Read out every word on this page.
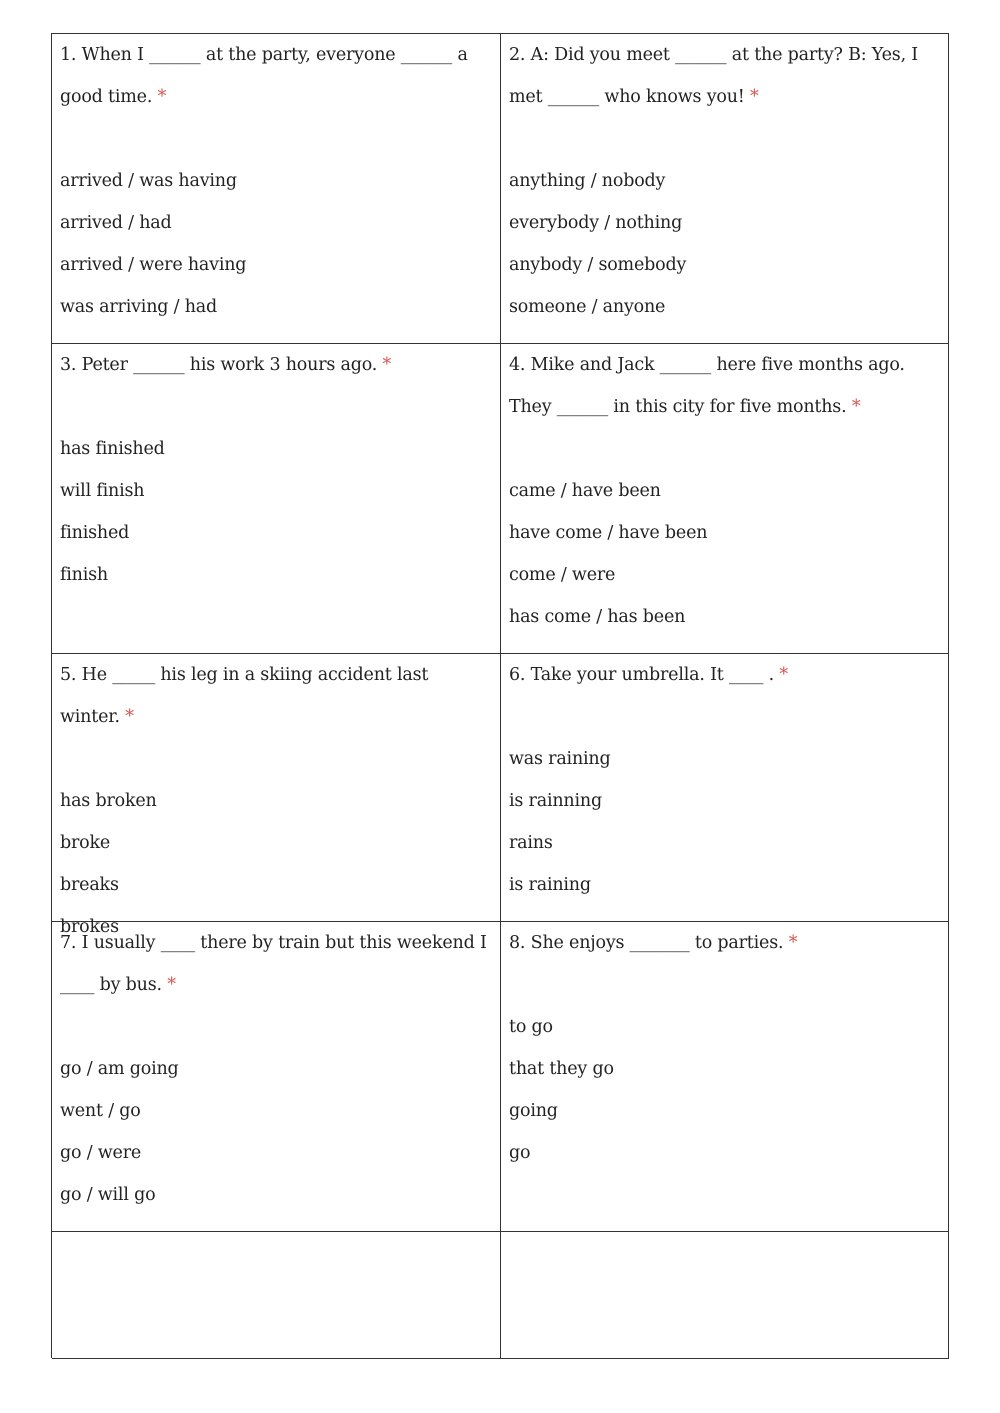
1. When I ______ at the party, everyone ______ a good time. *

arrived / was having
arrived / had
arrived / were having
was arriving / had

2. A: Did you meet ______ at the party? B: Yes, I met ______ who knows you! *

anything / nobody
everybody / nothing
anybody / somebody
someone / anyone

3. Peter ______ his work 3 hours ago. *

has finished
will finish
finished
finish

4. Mike and Jack ______ here five months ago. They ______ in this city for five months. *

came / have been
have come / have been
come / were
has come / has been

5. He _____ his leg in a skiing accident last winter. *

has broken
broke
breaks
brokes

6. Take your umbrella. It ____ . *

was raining
is rainning
rains
is raining

7. I usually ____ there by train but this weekend I ____ by bus. *

go / am going
went / go
go / were
go / will go

8. She enjoys _______ to parties. *

to go
that they go
going
go
